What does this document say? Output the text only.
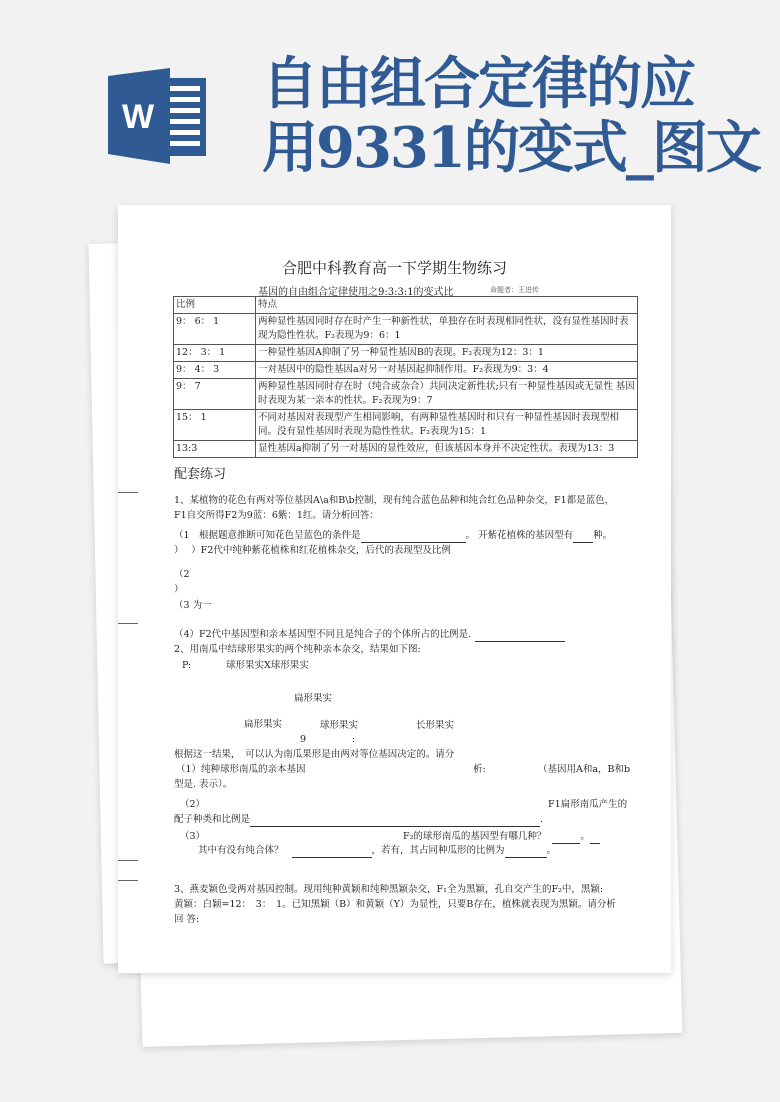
W 自由组合定律的应
用9331的变式_图文
合肥中科教育高一下学期生物练习
基因的自由组合定律使用之9:3:3:1的变式比	命题者：王进传
比例	特点
9： 6： 1	两种显性基因同时存在时产生一种新性状，单独存在时表现相同性状，没有显性基因时表现为隐性性状。F₂表现为9：6：1
12： 3： 1	一种显性基因A抑制了另一种显性基因B的表现。F₂表现为12：3：1
9： 4： 3	一对基因中的隐性基因a对另一对基因起抑制作用。F₂表现为9：3：4
9： 7	两种显性基因同时存在时（纯合或杂合）共同决定新性状;只有一种显性基因或无显性 基因时表现为某一亲本的性状。F₂表现为9：7
15： 1	不同对基因对表现型产生相同影响，有两种显性基因时和只有一种显性基因时表现型相同。没有显性基因时表现为隐性性状。F₂表现为15：1
13:3	显性基因a抑制了另一对基因的显性效应，但该基因本身并不决定性状。表现为13：3
配套练习
1、某植物的花色有两对等位基因A\a和B\b控制，现有纯合蓝色品种和纯合红色品种杂交，F1都是蓝色，
F1自交所得F2为9蓝：6紫：1红。请分析回答：
（1　根据题意推断可知花色呈蓝色的条件是	。 开紫花植株的基因型有 种。
）　 ）F2代中纯种紫花植株和红花植株杂交，后代的表现型及比例
（2
）
（3 为一
（4）F2代中基因型和亲本基因型不同且是纯合子的个体所占的比例是.
2、用南瓜中结球形果实的两个纯种亲本杂交，结果如下图:
P:	球形果实X球形果实
扁形果实
扁形果实	球形果实	长形果实
9	:
根据这一结果，　可以认为南瓜果形是由两对等位基因决定的。请分
（1）纯种球形南瓜的亲本基因	析:	（基因用A和a，B和b
型是. 表示）。
（2）	F1扁形南瓜产生的
配子种类和比例是	.
（3）	F₂的球形南瓜的基因型有哪几种？	。
其中有没有纯合体？	，若有，其占同种瓜形的比例为	。
3、燕麦颖色受两对基因控制。现用纯种黄颖和纯种黑颖杂交，F₁全为黑颖，孔自交产生的F₂中，黑颖:
黄颖：白颖=12：　3：　1。已知黑颖（B）和黄颖（Y）为显性，只要B存在，植株就表现为黑颖。请分析
回 答:
